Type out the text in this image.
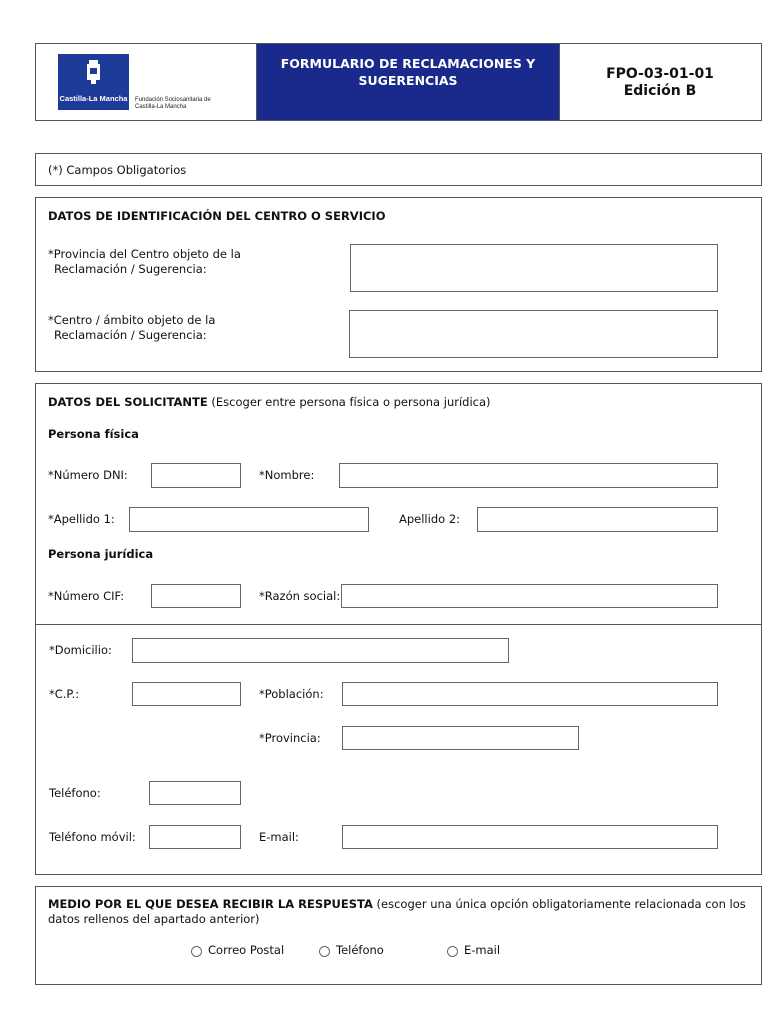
Castilla-La Mancha Fundación Sociosanitaria de
Castilla-La Mancha
FORMULARIO DE RECLAMACIONES Y
SUGERENCIAS	FPO-03-01-01
Edición B
(*) Campos Obligatorios
DATOS DE IDENTIFICACIÓN DEL CENTRO O SERVICIO
*Provincia del Centro objeto de la
Reclamación / Sugerencia:
*Centro / ámbito objeto de la
Reclamación / Sugerencia:
DATOS DEL SOLICITANTE (Escoger entre persona física o persona jurídica)
Persona física
*Número DNI:	*Nombre:
*Apellido 1:	Apellido 2:
Persona jurídica
*Número CIF:	*Razón social:
*Domicilio:
*C.P.:	*Población:
*Provincia:
Teléfono:
Teléfono móvil:	E-mail:
MEDIO POR EL QUE DESEA RECIBIR LA RESPUESTA (escoger una única opción obligatoriamente relacionada con los
datos rellenos del apartado anterior)
Correo Postal	Teléfono	E-mail
